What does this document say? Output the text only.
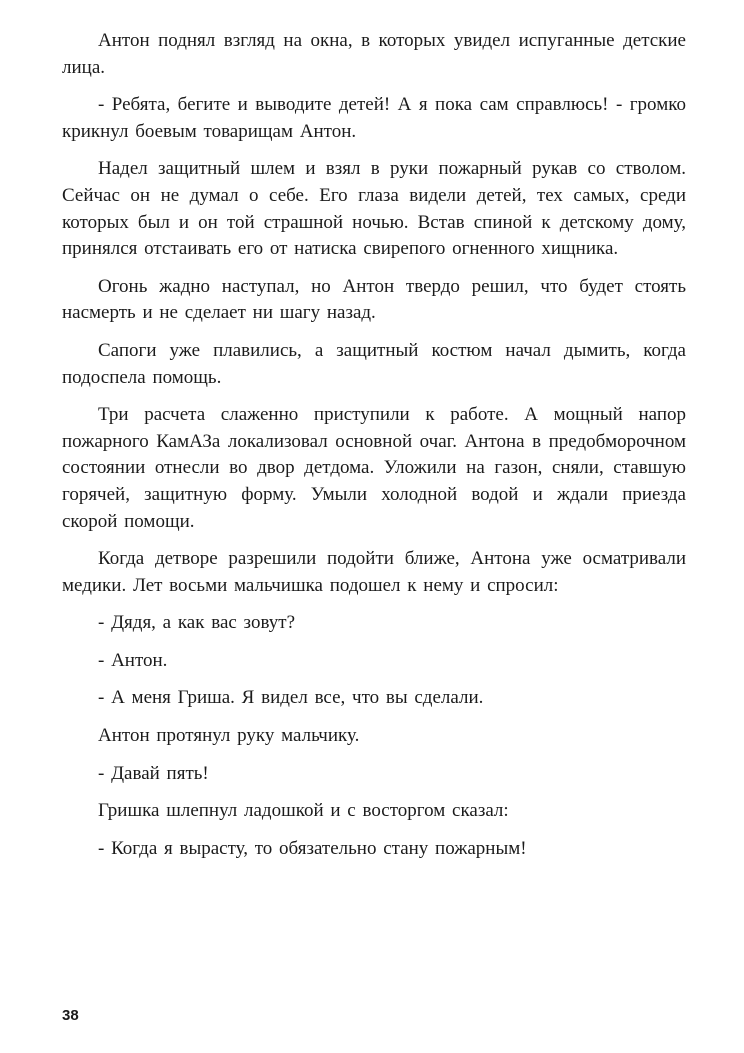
Антон поднял взгляд на окна, в которых увидел испуганные детские лица.

- Ребята, бегите и выводите детей! А я пока сам справлюсь! - громко крикнул боевым товарищам Антон.

Надел защитный шлем и взял в руки пожарный рукав со стволом. Сейчас он не думал о себе. Его глаза видели детей, тех самых, среди которых был и он той страшной ночью. Встав спиной к детскому дому, принялся отстаивать его от натиска свирепого огненного хищника.

Огонь жадно наступал, но Антон твердо решил, что будет стоять насмерть и не сделает ни шагу назад.

Сапоги уже плавились, а защитный костюм начал дымить, когда подоспела помощь.

Три расчета слаженно приступили к работе. А мощный напор пожарного КамАЗа локализовал основной очаг. Антона в предобморочном состоянии отнесли во двор детдома. Уложили на газон, сняли, ставшую горячей, защитную форму. Умыли холодной водой и ждали приезда скорой помощи.

Когда детворе разрешили подойти ближе, Антона уже осматривали медики. Лет восьми мальчишка подошел к нему и спросил:

- Дядя, а как вас зовут?

- Антон.

- А меня Гриша. Я видел все, что вы сделали.

Антон протянул руку мальчику.

- Давай пять!

Гришка шлепнул ладошкой и с восторгом сказал:

- Когда я вырасту, то обязательно стану пожарным!

38
